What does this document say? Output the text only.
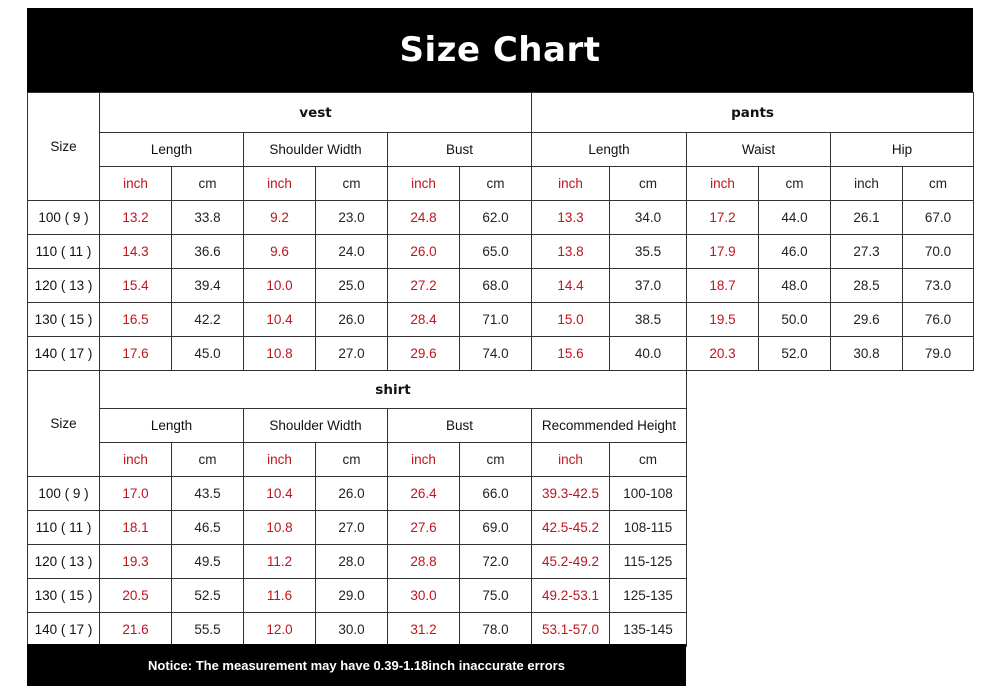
Size Chart
Size	vest						pants					
	Length		Shoulder Width		Bust		Length		Waist		Hip	
	inch	cm	inch	cm	inch	cm	inch	cm	inch	cm	inch	cm
100 ( 9 )	13.2	33.8	9.2	23.0	24.8	62.0	13.3	34.0	17.2	44.0	26.1	67.0
110 ( 11 )	14.3	36.6	9.6	24.0	26.0	65.0	13.8	35.5	17.9	46.0	27.3	70.0
120 ( 13 )	15.4	39.4	10.0	25.0	27.2	68.0	14.4	37.0	18.7	48.0	28.5	73.0
130 ( 15 )	16.5	42.2	10.4	26.0	28.4	71.0	15.0	38.5	19.5	50.0	29.6	76.0
140 ( 17 )	17.6	45.0	10.8	27.0	29.6	74.0	15.6	40.0	20.3	52.0	30.8	79.0
Size	shirt							
	Length		Shoulder Width		Bust		Recommended Height	
	inch	cm	inch	cm	inch	cm	inch	cm
100 ( 9 )	17.0	43.5	10.4	26.0	26.4	66.0	39.3-42.5	100-108
110 ( 11 )	18.1	46.5	10.8	27.0	27.6	69.0	42.5-45.2	108-115
120 ( 13 )	19.3	49.5	11.2	28.0	28.8	72.0	45.2-49.2	115-125
130 ( 15 )	20.5	52.5	11.6	29.0	30.0	75.0	49.2-53.1	125-135
140 ( 17 )	21.6	55.5	12.0	30.0	31.2	78.0	53.1-57.0	135-145
Notice: The measurement may have 0.39-1.18inch inaccurate errors
